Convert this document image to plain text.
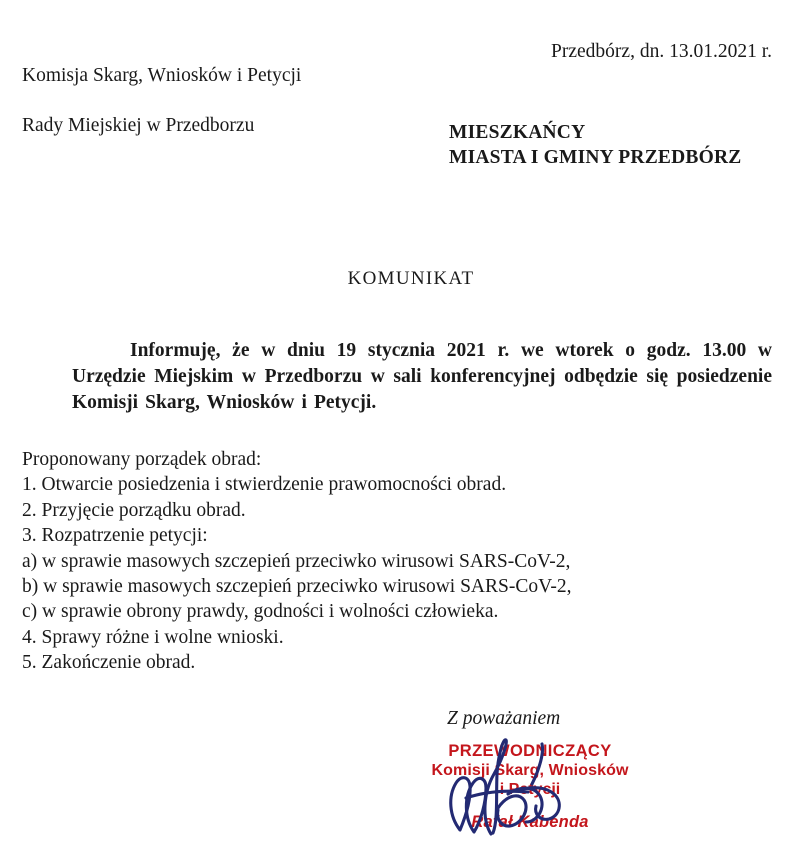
Komisja Skarg, Wniosków i Petycji

Rady Miejskiej w Przedborzu

Przedbórz, dn. 13.01.2021 r.
MIESZKAŃCY
MIASTA I GMINY PRZEDBÓRZ
KOMUNIKAT
Informuję, że w dniu 19 stycznia 2021 r. we wtorek o godz. 13.00 w Urzędzie Miejskim w Przedborzu w sali konferencyjnej odbędzie się posiedzenie Komisji Skarg, Wniosków i Petycji.
Proponowany porządek obrad:
1. Otwarcie posiedzenia i stwierdzenie prawomocności obrad.
2. Przyjęcie porządku obrad.
3. Rozpatrzenie petycji:
a) w sprawie masowych szczepień przeciwko wirusowi SARS-CoV-2,
b) w sprawie masowych szczepień przeciwko wirusowi SARS-CoV-2,
c) w sprawie obrony prawdy, godności i wolności człowieka.
4. Sprawy różne i wolne wnioski.
5. Zakończenie obrad.
Z poważaniem
PRZEWODNICZĄCY
Komisji Skarg, Wniosków
i Petycji
Rafał Kabenda
